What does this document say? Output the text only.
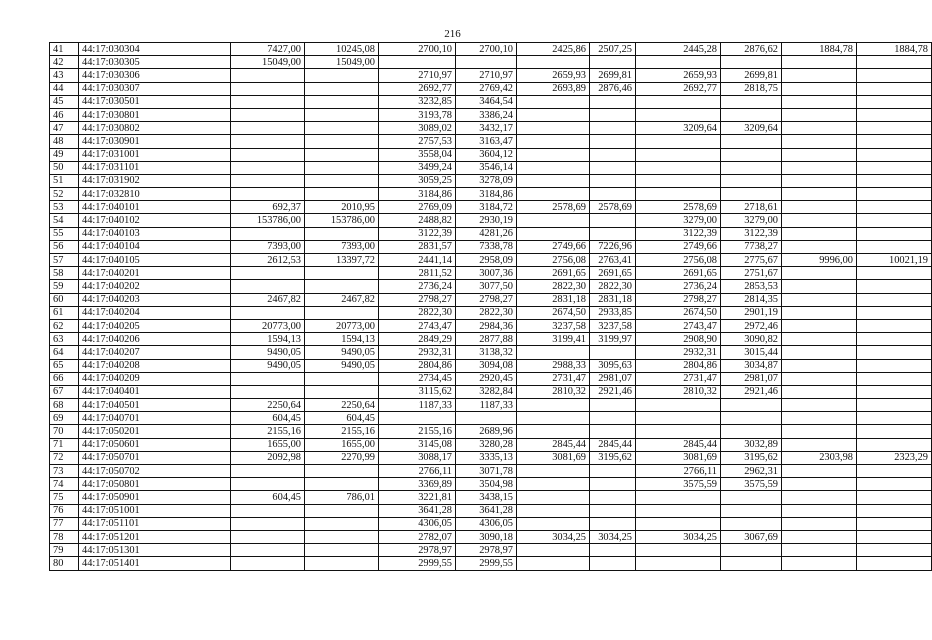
216
41	44:17:030304	7427,00	10245,08	2700,10	2700,10	2425,86	2507,25	2445,28	2876,62	1884,78	1884,78
42	44:17:030305	15049,00	15049,00								
43	44:17:030306			2710,97	2710,97	2659,93	2699,81	2659,93	2699,81		
44	44:17:030307			2692,77	2769,42	2693,89	2876,46	2692,77	2818,75		
45	44:17:030501			3232,85	3464,54						
46	44:17:030801			3193,78	3386,24						
47	44:17:030802			3089,02	3432,17			3209,64	3209,64		
48	44:17:030901			2757,53	3163,47						
49	44:17:031001			3558,04	3604,12						
50	44:17:031101			3499,24	3546,14						
51	44:17:031902			3059,25	3278,09						
52	44:17:032810			3184,86	3184,86						
53	44:17:040101	692,37	2010,95	2769,09	3184,72	2578,69	2578,69	2578,69	2718,61		
54	44:17:040102	153786,00	153786,00	2488,82	2930,19			3279,00	3279,00		
55	44:17:040103			3122,39	4281,26			3122,39	3122,39		
56	44:17:040104	7393,00	7393,00	2831,57	7338,78	2749,66	7226,96	2749,66	7738,27		
57	44:17:040105	2612,53	13397,72	2441,14	2958,09	2756,08	2763,41	2756,08	2775,67	9996,00	10021,19
58	44:17:040201			2811,52	3007,36	2691,65	2691,65	2691,65	2751,67		
59	44:17:040202			2736,24	3077,50	2822,30	2822,30	2736,24	2853,53		
60	44:17:040203	2467,82	2467,82	2798,27	2798,27	2831,18	2831,18	2798,27	2814,35		
61	44:17:040204			2822,30	2822,30	2674,50	2933,85	2674,50	2901,19		
62	44:17:040205	20773,00	20773,00	2743,47	2984,36	3237,58	3237,58	2743,47	2972,46		
63	44:17:040206	1594,13	1594,13	2849,29	2877,88	3199,41	3199,97	2908,90	3090,82		
64	44:17:040207	9490,05	9490,05	2932,31	3138,32			2932,31	3015,44		
65	44:17:040208	9490,05	9490,05	2804,86	3094,08	2988,33	3095,63	2804,86	3034,87		
66	44:17:040209			2734,45	2920,45	2731,47	2981,07	2731,47	2981,07		
67	44:17:040401			3115,62	3282,84	2810,32	2921,46	2810,32	2921,46		
68	44:17:040501	2250,64	2250,64	1187,33	1187,33						
69	44:17:040701	604,45	604,45								
70	44:17:050201	2155,16	2155,16	2155,16	2689,96						
71	44:17:050601	1655,00	1655,00	3145,08	3280,28	2845,44	2845,44	2845,44	3032,89		
72	44:17:050701	2092,98	2270,99	3088,17	3335,13	3081,69	3195,62	3081,69	3195,62	2303,98	2323,29
73	44:17:050702			2766,11	3071,78			2766,11	2962,31		
74	44:17:050801			3369,89	3504,98			3575,59	3575,59		
75	44:17:050901	604,45	786,01	3221,81	3438,15						
76	44:17:051001			3641,28	3641,28						
77	44:17:051101			4306,05	4306,05						
78	44:17:051201			2782,07	3090,18	3034,25	3034,25	3034,25	3067,69		
79	44:17:051301			2978,97	2978,97						
80	44:17:051401			2999,55	2999,55						
